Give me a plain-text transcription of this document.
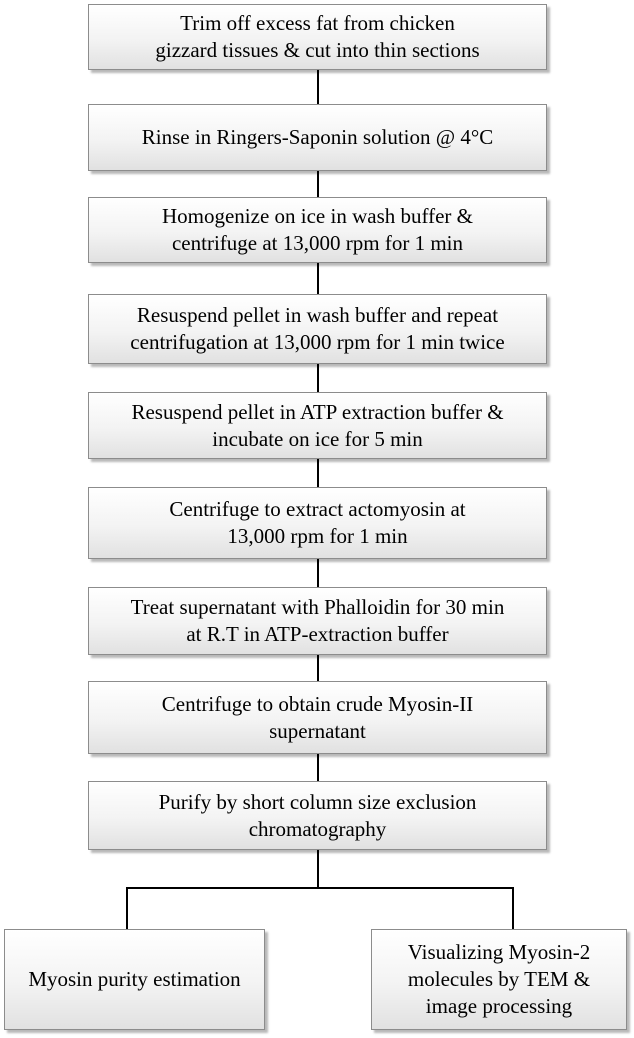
Trim off excess fat from chicken
gizzard tissues & cut into thin sections
Rinse in Ringers-Saponin solution @ 4°C
Homogenize on ice in wash buffer &
centrifuge at 13,000 rpm for 1 min
Resuspend pellet in wash buffer and repeat
centrifugation at 13,000 rpm for 1 min twice
Resuspend pellet in ATP extraction buffer &
incubate on ice for 5 min
Centrifuge to extract actomyosin at
13,000 rpm for 1 min
Treat supernatant with Phalloidin for 30 min
at R.T in ATP-extraction buffer
Centrifuge to obtain crude Myosin-II
supernatant
Purify by short column size exclusion
chromatography
Myosin purity estimation
Visualizing Myosin-2
molecules by TEM &
image processing
